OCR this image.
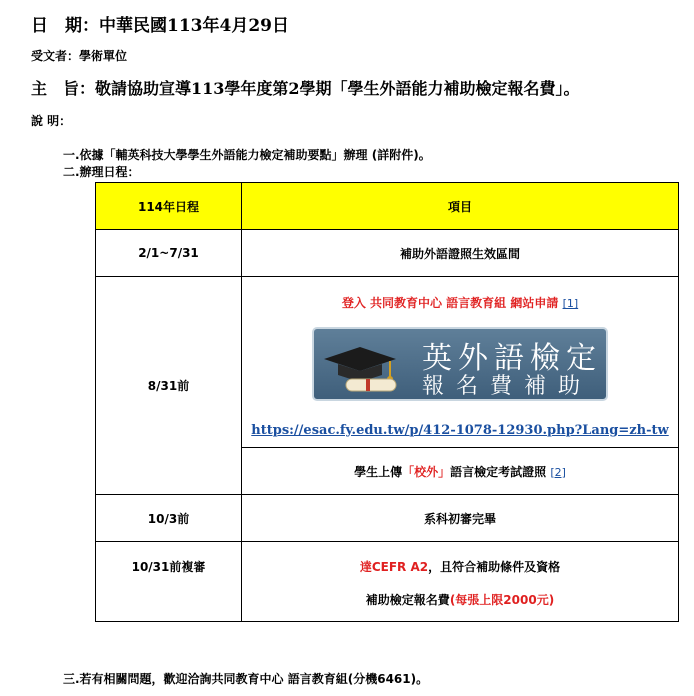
日　期：中華民國113年4月29日
受文者：學術單位
主　旨：敬請協助宣導113學年度第2學期「學生外語能力補助檢定報名費」。
說 明：
一.依據「輔英科技大學學生外語能力檢定補助要點」辦理 (詳附件)。
二.辦理日程：
114年日程	項目
2/1~7/31	補助外語證照生效區間
8/31前	登入 共同教育中心 語言教育組 網站申請 [1]
英外語檢定
報名費補助
https://esac.fy.edu.tw/p/412-1078-12930.php?Lang=zh-tw

	學生上傳「校外」語言檢定考試證照 [2]
10/3前	系科初審完畢

10/31前複審	達CEFR A2，且符合補助條件及資格
補助檢定報名費(每張上限2000元)
三.若有相關問題，歡迎洽詢共同教育中心 語言教育組(分機6461)。
